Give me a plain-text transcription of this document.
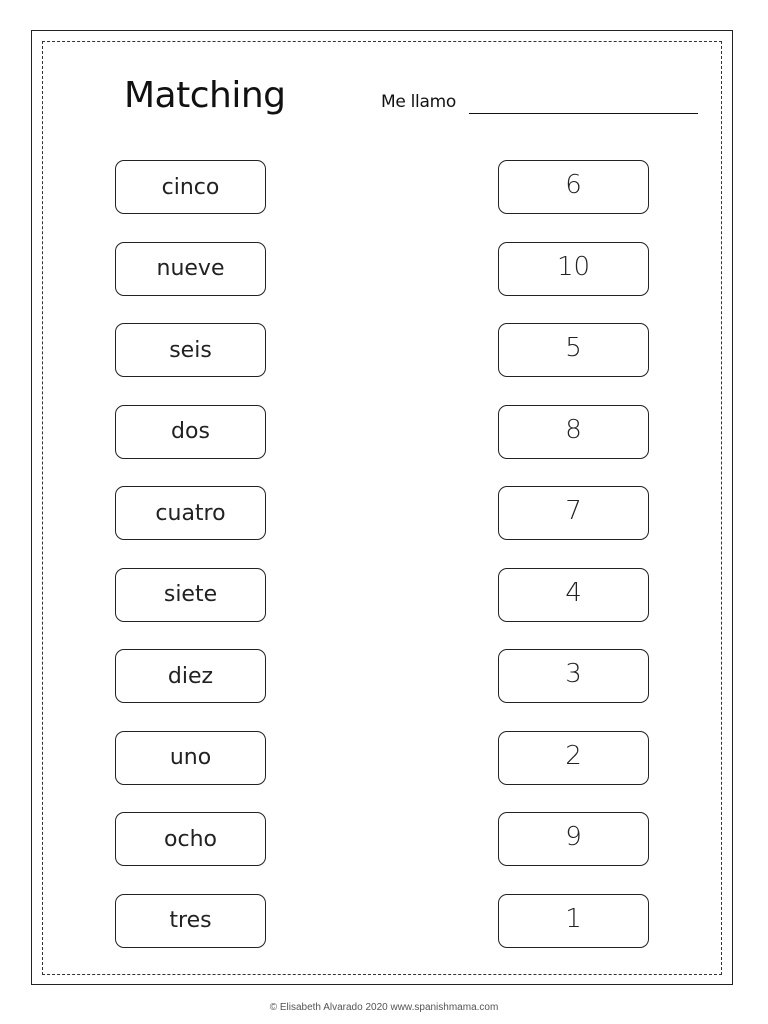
Matching	Me llamo
cinco
nueve
seis
dos
cuatro
siete
diez
uno
ocho
tres
6
10
5
8
7
4
3
2
9
1
© Elisabeth Alvarado 2020 www.spanishmama.com
